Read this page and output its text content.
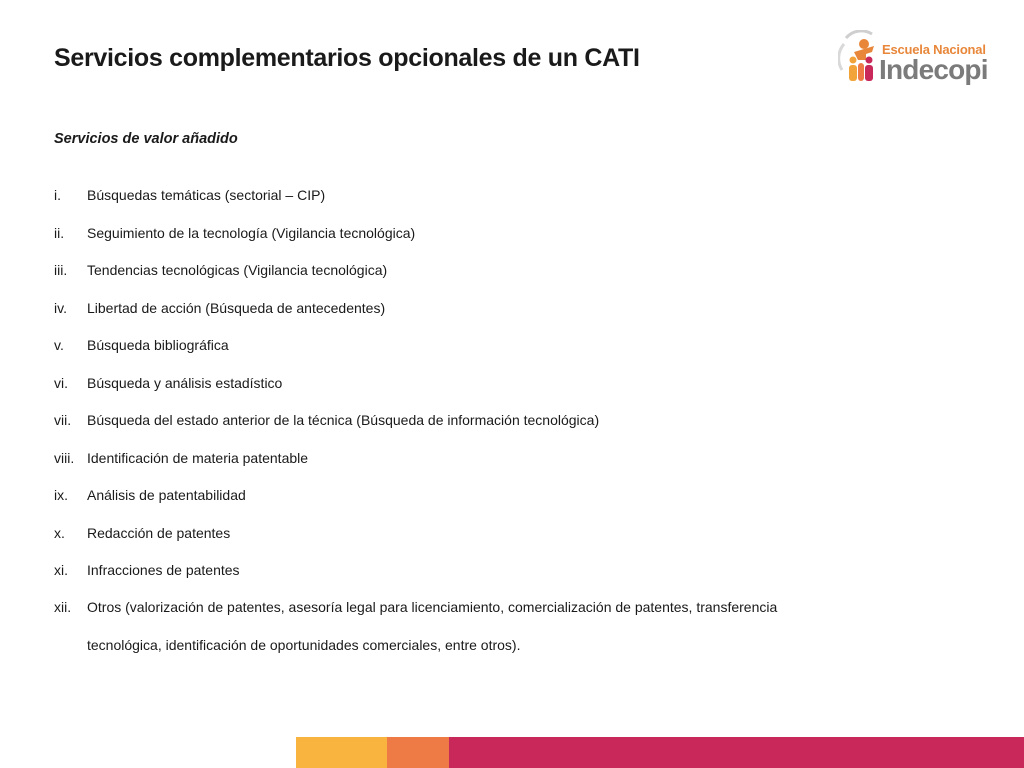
Servicios complementarios opcionales de un CATI	Escuela Nacional
Indecopi
Servicios de valor añadido
i. Búsquedas temáticas (sectorial – CIP)
ii. Seguimiento de la tecnología (Vigilancia tecnológica)
iii. Tendencias tecnológicas (Vigilancia tecnológica)
iv. Libertad de acción (Búsqueda de antecedentes)
v. Búsqueda bibliográfica
vi. Búsqueda y análisis estadístico
vii. Búsqueda del estado anterior de la técnica (Búsqueda de información tecnológica)
viii. Identificación de materia patentable
ix. Análisis de patentabilidad
x. Redacción de patentes
xi. Infracciones de patentes
xii. Otros (valorización de patentes, asesoría legal para licenciamiento, comercialización de patentes, transferencia tecnológica, identificación de oportunidades comerciales, entre otros).
